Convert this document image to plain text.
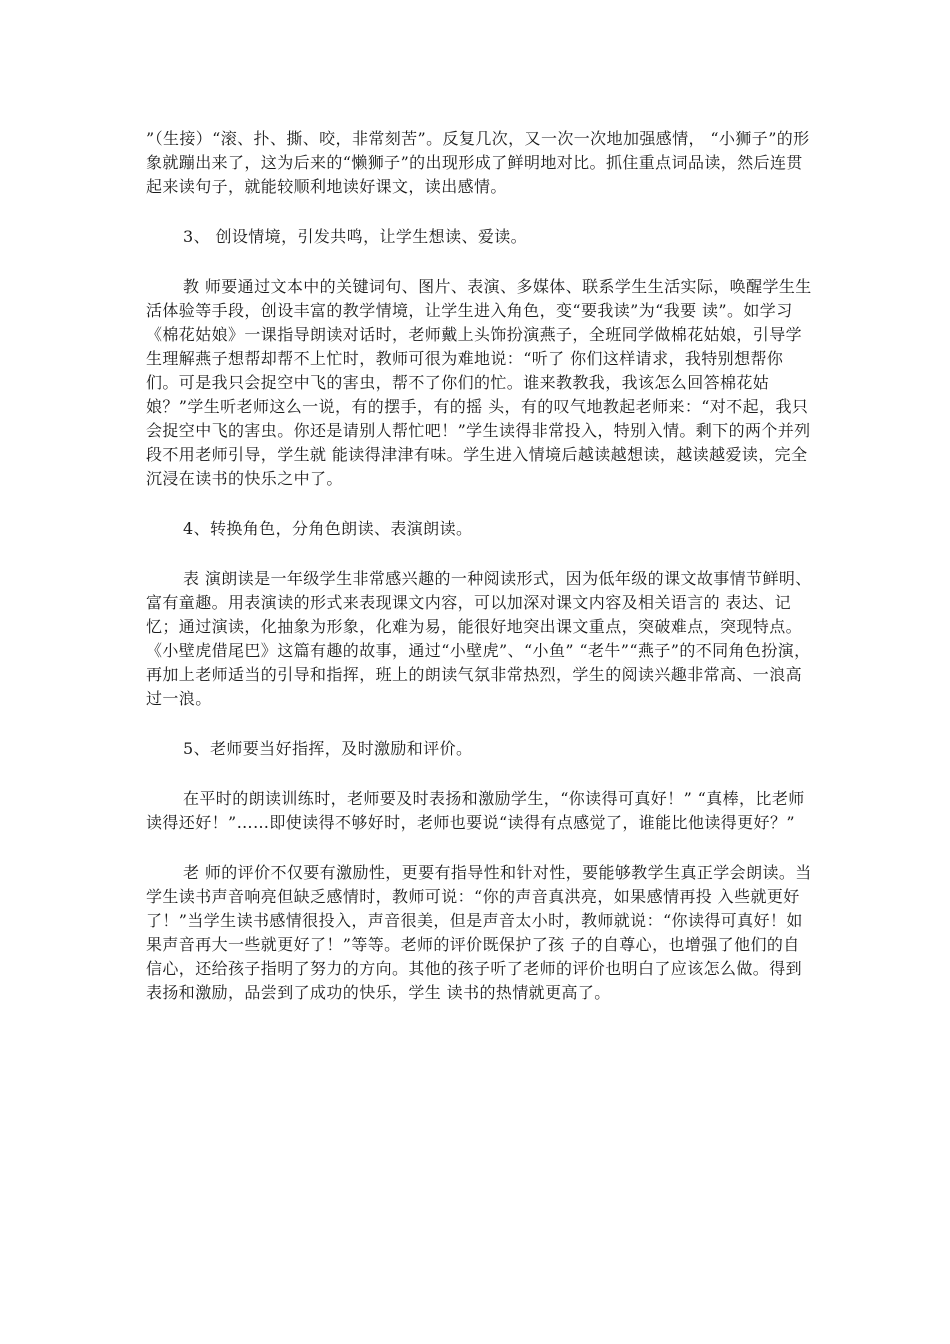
”（生接）“滚、扑、撕、咬，非常刻苦”。反复几次，又一次一次地加强感情， “小狮子”的形象就蹦出来了，这为后来的“懒狮子”的出现形成了鲜明地对比。抓住重点词品读，然后连贯起来读句子，就能较顺利地读好课文，读出感情。

3、 创设情境，引发共鸣，让学生想读、爱读。

教 师要通过文本中的关键词句、图片、表演、多媒体、联系学生生活实际，唤醒学生生活体验等手段，创设丰富的教学情境，让学生进入角色，变“要我读”为“我要 读”。如学习《棉花姑娘》一课指导朗读对话时，老师戴上头饰扮演燕子，全班同学做棉花姑娘，引导学生理解燕子想帮却帮不上忙时，教师可很为难地说：“听了 你们这样请求，我特别想帮你们。可是我只会捉空中飞的害虫，帮不了你们的忙。谁来教教我，我该怎么回答棉花姑娘？”学生听老师这么一说，有的摆手，有的摇 头，有的叹气地教起老师来：“对不起，我只会捉空中飞的害虫。你还是请别人帮忙吧！”学生读得非常投入，特别入情。剩下的两个并列段不用老师引导，学生就 能读得津津有味。学生进入情境后越读越想读，越读越爱读，完全沉浸在读书的快乐之中了。

4、转换角色，分角色朗读、表演朗读。

表 演朗读是一年级学生非常感兴趣的一种阅读形式，因为低年级的课文故事情节鲜明、富有童趣。用表演读的形式来表现课文内容，可以加深对课文内容及相关语言的 表达、记忆；通过演读，化抽象为形象，化难为易，能很好地突出课文重点，突破难点，突现特点。《小壁虎借尾巴》这篇有趣的故事，通过“小壁虎”、“小鱼” “老牛”“燕子”的不同角色扮演，再加上老师适当的引导和指挥，班上的朗读气氛非常热烈，学生的阅读兴趣非常高、一浪高过一浪。

5、老师要当好指挥，及时激励和评价。

在平时的朗读训练时，老师要及时表扬和激励学生，“你读得可真好！” “真棒，比老师读得还好！”……即使读得不够好时，老师也要说“读得有点感觉了，谁能比他读得更好？”

老 师的评价不仅要有激励性，更要有指导性和针对性，要能够教学生真正学会朗读。当学生读书声音响亮但缺乏感情时，教师可说：“你的声音真洪亮，如果感情再投 入些就更好了！”当学生读书感情很投入，声音很美，但是声音太小时，教师就说：“你读得可真好！如果声音再大一些就更好了！”等等。老师的评价既保护了孩 子的自尊心，也增强了他们的自信心，还给孩子指明了努力的方向。其他的孩子听了老师的评价也明白了应该怎么做。得到表扬和激励，品尝到了成功的快乐，学生 读书的热情就更高了。
